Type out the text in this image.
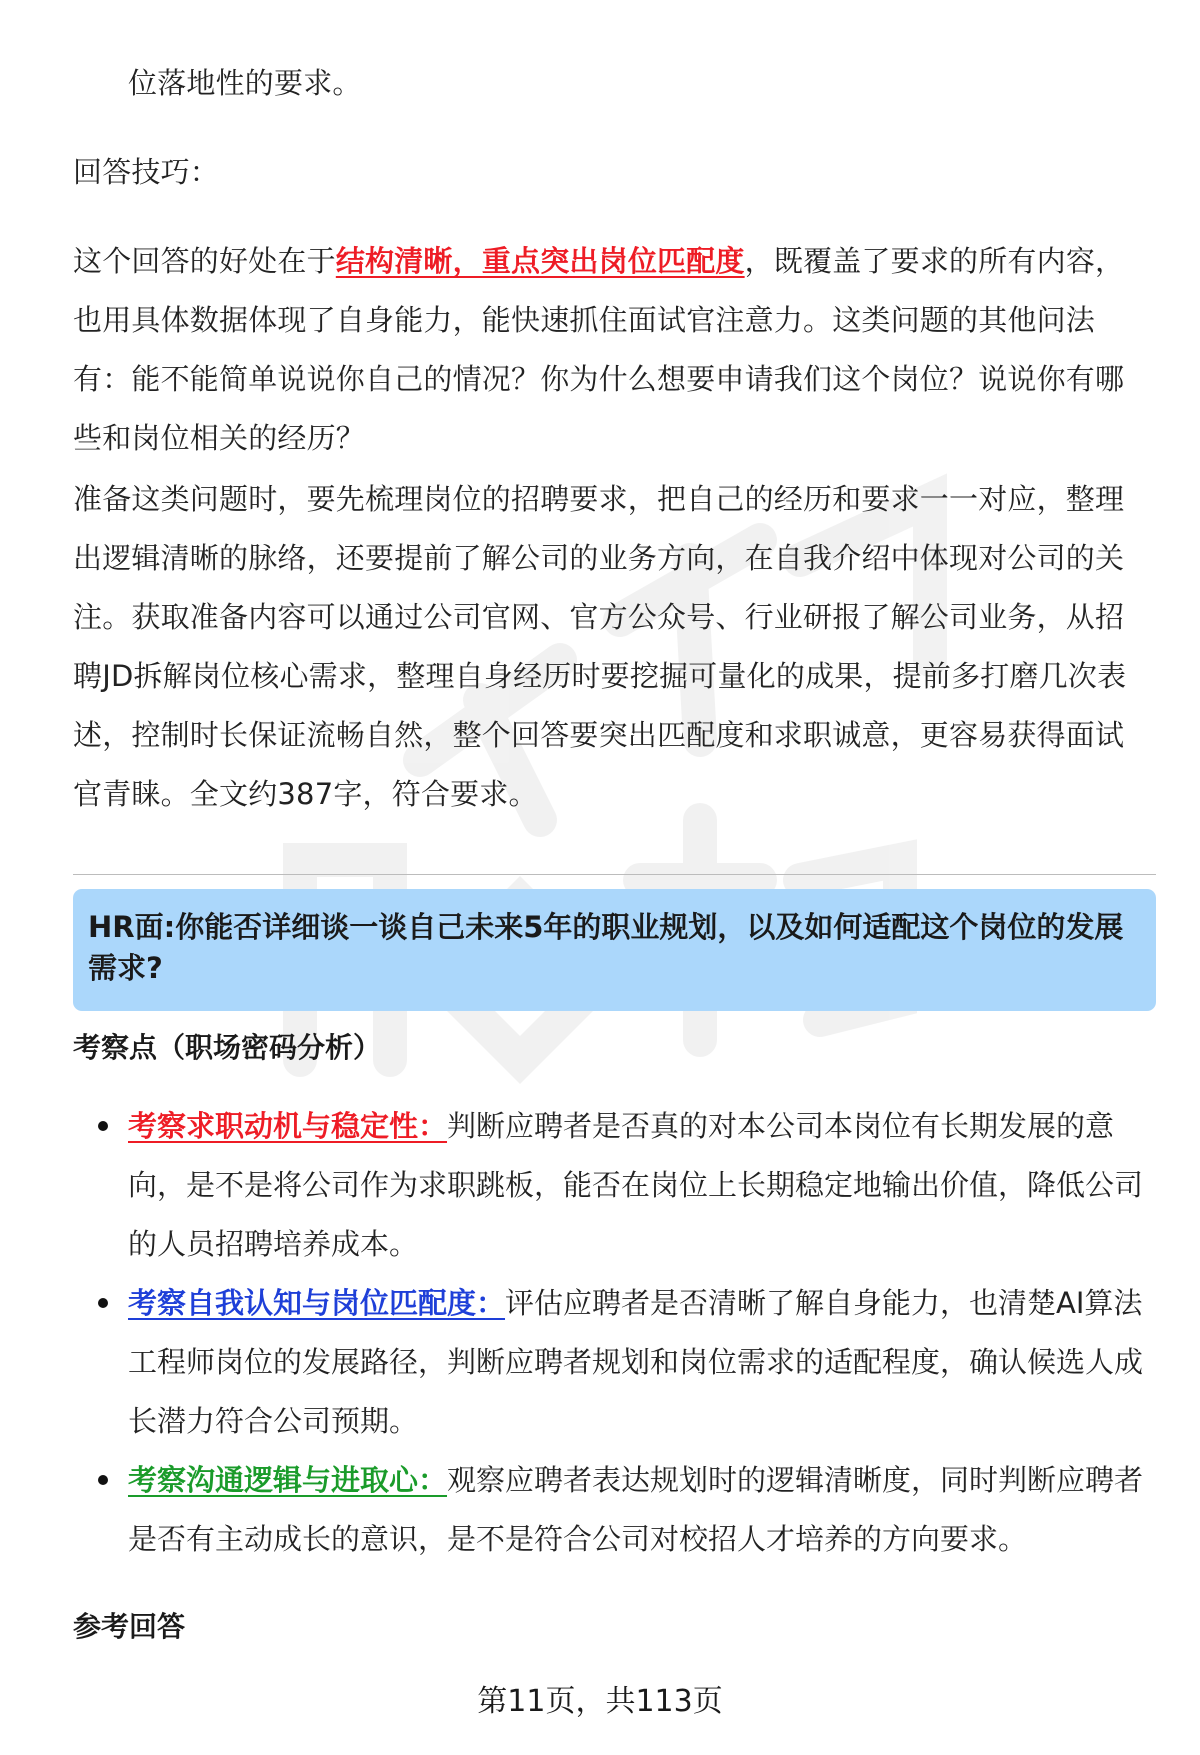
位落地性的要求。

回答技巧：

这个回答的好处在于结构清晰，重点突出岗位匹配度，既覆盖了要求的所有内容，也用具体数据体现了自身能力，能快速抓住面试官注意力。这类问题的其他问法有：能不能简单说说你自己的情况？你为什么想要申请我们这个岗位？说说你有哪些和岗位相关的经历？

准备这类问题时，要先梳理岗位的招聘要求，把自己的经历和要求一一对应，整理出逻辑清晰的脉络，还要提前了解公司的业务方向，在自我介绍中体现对公司的关注。获取准备内容可以通过公司官网、官方公众号、行业研报了解公司业务，从招聘JD拆解岗位核心需求，整理自身经历时要挖掘可量化的成果，提前多打磨几次表述，控制时长保证流畅自然，整个回答要突出匹配度和求职诚意，更容易获得面试官青睐。全文约387字，符合要求。

HR面:你能否详细谈一谈自己未来5年的职业规划，以及如何适配这个岗位的发展需求?

考察点（职场密码分析）
考察求职动机与稳定性：判断应聘者是否真的对本公司本岗位有长期发展的意向，是不是将公司作为求职跳板，能否在岗位上长期稳定地输出价值，降低公司的人员招聘培养成本。
考察自我认知与岗位匹配度：评估应聘者是否清晰了解自身能力，也清楚AI算法工程师岗位的发展路径，判断应聘者规划和岗位需求的适配程度，确认候选人成长潜力符合公司预期。
考察沟通逻辑与进取心：观察应聘者表达规划时的逻辑清晰度，同时判断应聘者是否有主动成长的意识，是不是符合公司对校招人才培养的方向要求。
参考回答

第11页，共113页
